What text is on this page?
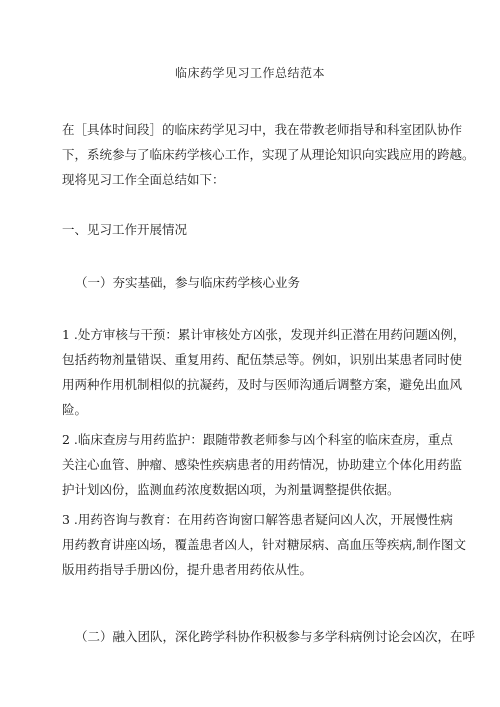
临床药学见习工作总结范本
在［具体时间段］的临床药学见习中，我在带教老师指导和科室团队协作
下，系统参与了临床药学核心工作，实现了从理论知识向实践应用的跨越。
现将见习工作全面总结如下：
一、见习工作开展情况
（一）夯实基础，参与临床药学核心业务
1 .处方审核与干预：累计审核处方凶张，发现并纠正潜在用药问题凶例，
包括药物剂量错误、重复用药、配伍禁忌等。例如，识别出某患者同时使
用两种作用机制相似的抗凝药，及时与医师沟通后调整方案，避免出血风
险。
2 .临床查房与用药监护：跟随带教老师参与凶个科室的临床查房，重点
关注心血管、肿瘤、感染性疾病患者的用药情况，协助建立个体化用药监
护计划凶份，监测血药浓度数据凶项，为剂量调整提供依据。
3 .用药咨询与教育：在用药咨询窗口解答患者疑问凶人次，开展慢性病
用药教育讲座凶场，覆盖患者凶人，针对糖尿病、高血压等疾病,制作图文
版用药指导手册凶份，提升患者用药依从性。
（二）融入团队，深化跨学科协作积极参与多学科病例讨论会凶次，在呼
